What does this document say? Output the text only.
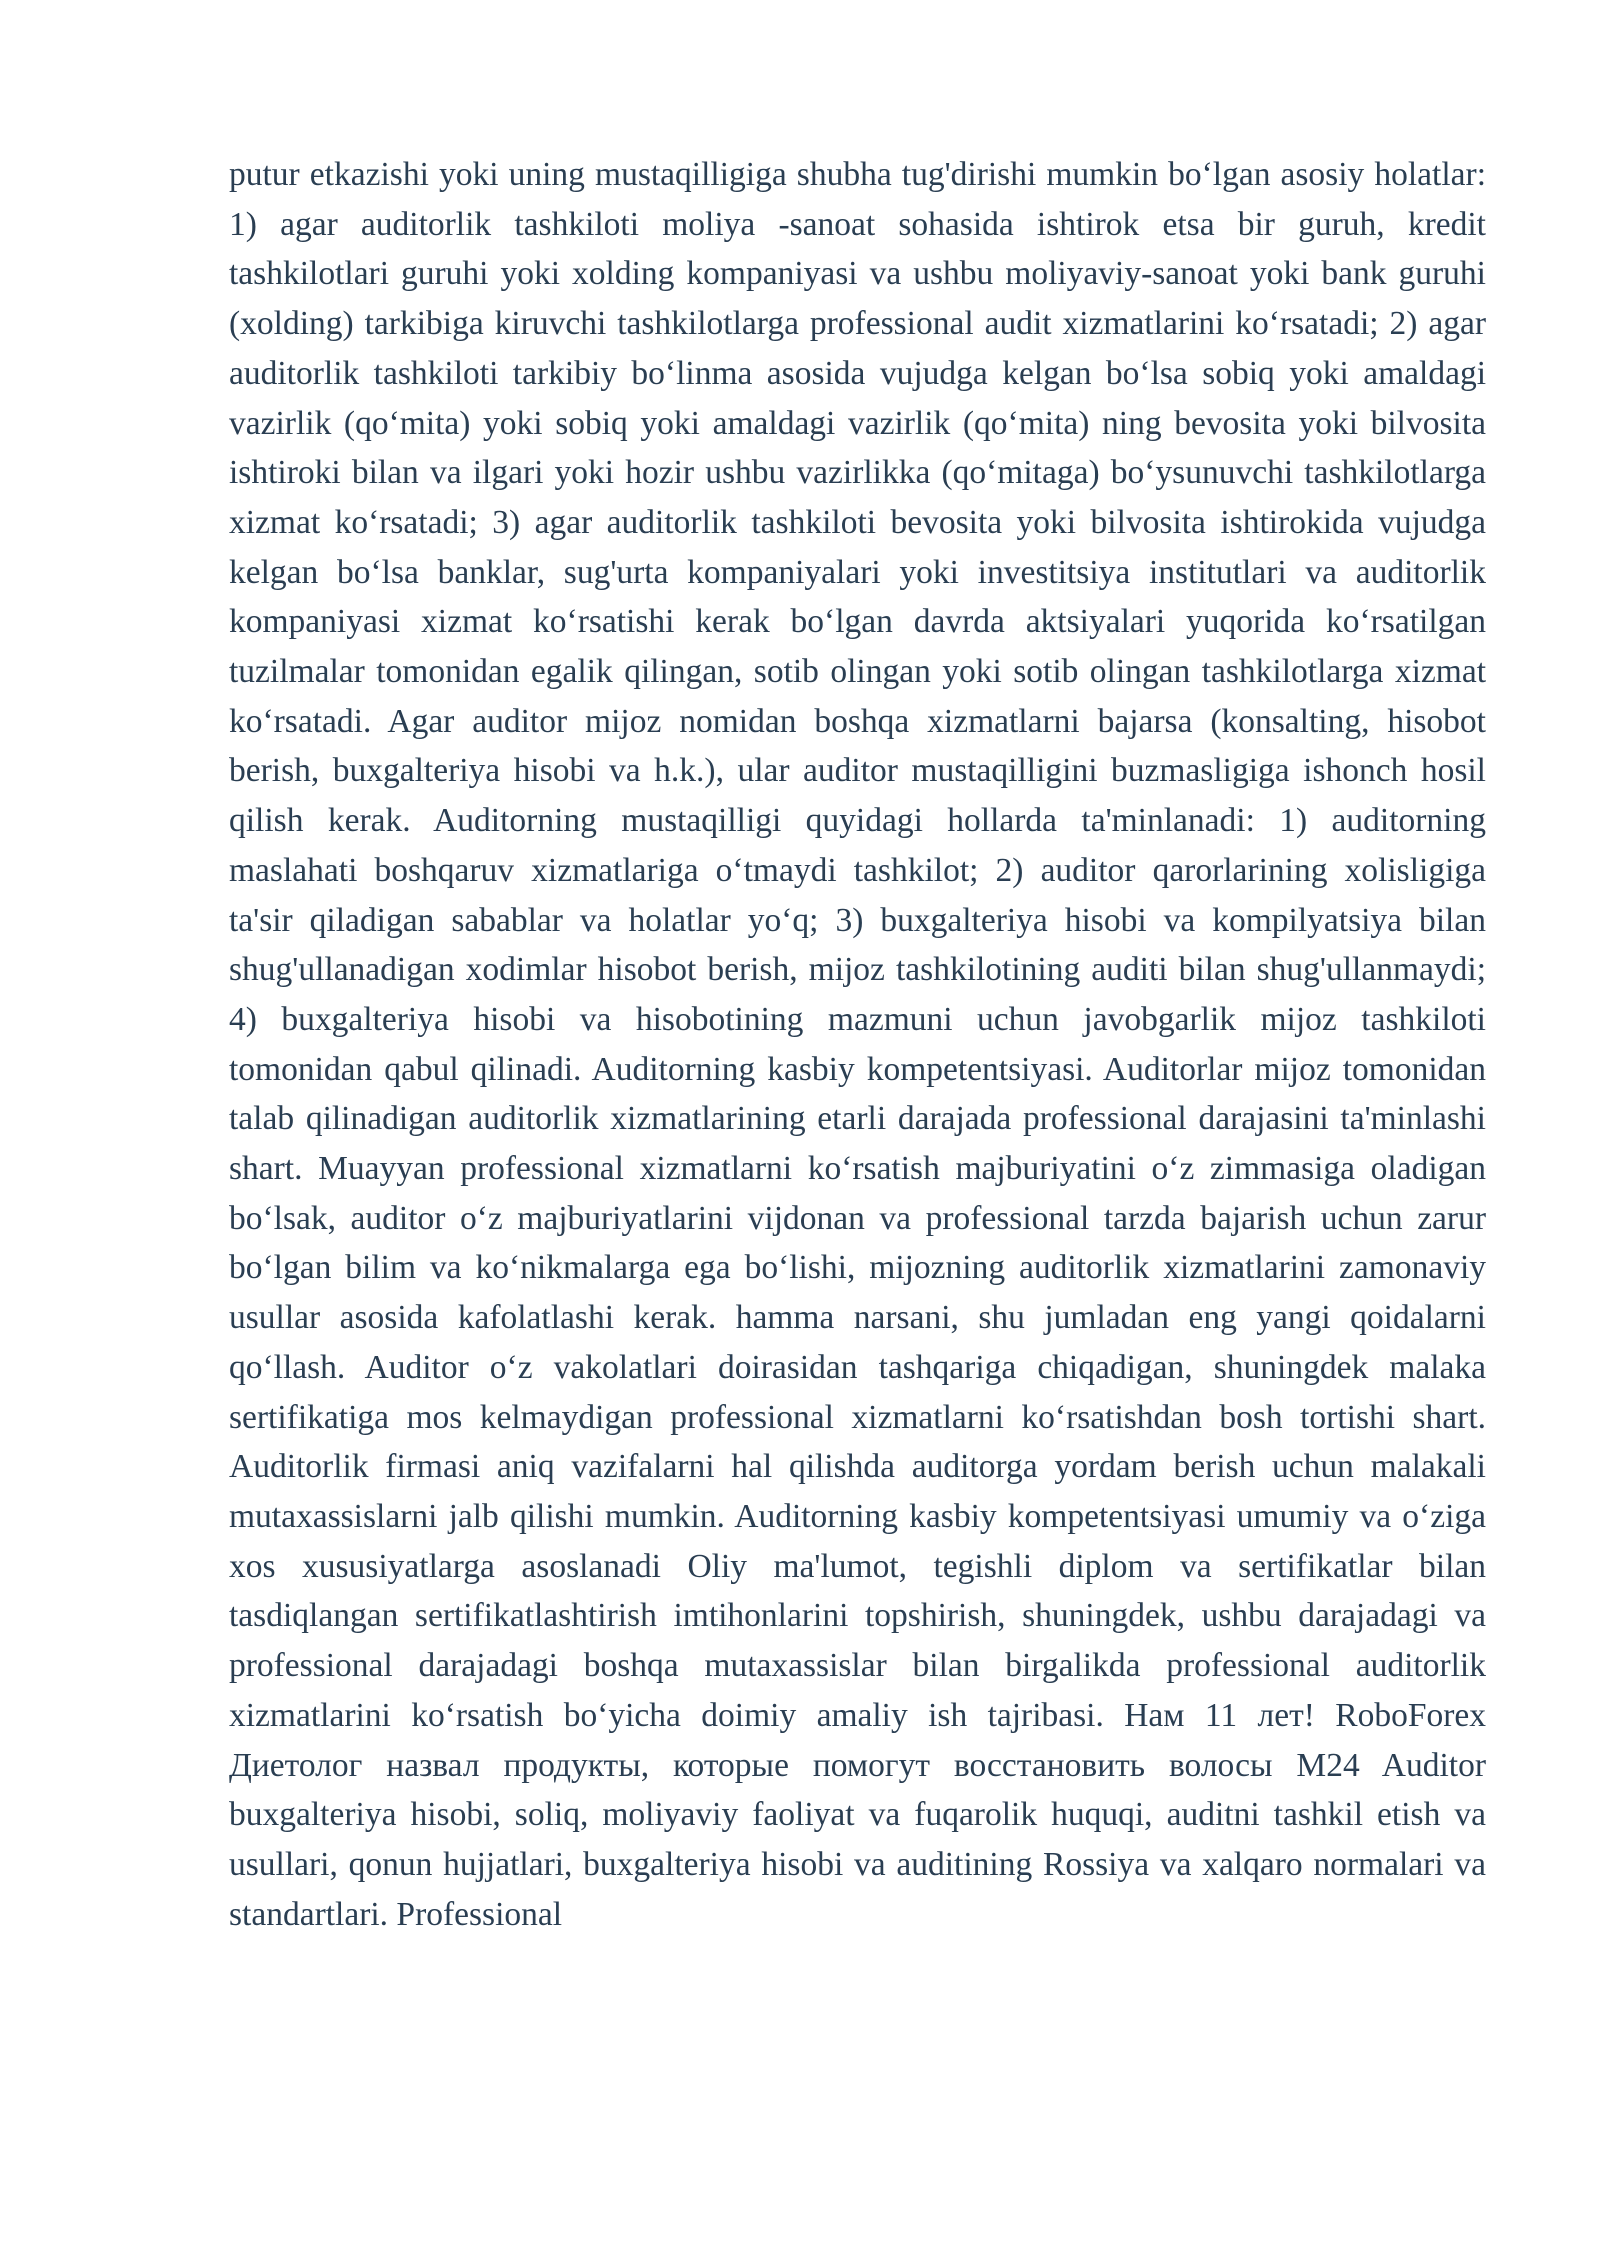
putur etkazishi yoki uning mustaqilligiga shubha tug'dirishi mumkin bo‘lgan asosiy holatlar: 1) agar auditorlik tashkiloti moliya -sanoat sohasida ishtirok etsa bir guruh, kredit tashkilotlari guruhi yoki xolding kompaniyasi va ushbu moliyaviy-sanoat yoki bank guruhi (xolding) tarkibiga kiruvchi tashkilotlarga professional audit xizmatlarini ko‘rsatadi; 2) agar auditorlik tashkiloti tarkibiy bo‘linma asosida vujudga kelgan bo‘lsa sobiq yoki amaldagi vazirlik (qo‘mita) yoki sobiq yoki amaldagi vazirlik (qo‘mita) ning bevosita yoki bilvosita ishtiroki bilan va ilgari yoki hozir ushbu vazirlikka (qo‘mitaga) bo‘ysunuvchi tashkilotlarga xizmat ko‘rsatadi; 3) agar auditorlik tashkiloti bevosita yoki bilvosita ishtirokida vujudga kelgan bo‘lsa banklar, sug'urta kompaniyalari yoki investitsiya institutlari va auditorlik kompaniyasi xizmat ko‘rsatishi kerak bo‘lgan davrda aktsiyalari yuqorida ko‘rsatilgan tuzilmalar tomonidan egalik qilingan, sotib olingan yoki sotib olingan tashkilotlarga xizmat ko‘rsatadi. Agar auditor mijoz nomidan boshqa xizmatlarni bajarsa (konsalting, hisobot berish, buxgalteriya hisobi va h.k.), ular auditor mustaqilligini buzmasligiga ishonch hosil qilish kerak. Auditorning mustaqilligi quyidagi hollarda ta'minlanadi: 1) auditorning maslahati boshqaruv xizmatlariga o‘tmaydi tashkilot; 2) auditor qarorlarining xolisligiga ta'sir qiladigan sabablar va holatlar yo‘q; 3) buxgalteriya hisobi va kompilyatsiya bilan shug'ullanadigan xodimlar hisobot berish, mijoz tashkilotining auditi bilan shug'ullanmaydi; 4) buxgalteriya hisobi va hisobotining mazmuni uchun javobgarlik mijoz tashkiloti tomonidan qabul qilinadi. Auditorning kasbiy kompetentsiyasi. Auditorlar mijoz tomonidan talab qilinadigan auditorlik xizmatlarining etarli darajada professional darajasini ta'minlashi shart. Muayyan professional xizmatlarni ko‘rsatish majburiyatini o‘z zimmasiga oladigan bo‘lsak, auditor o‘z majburiyatlarini vijdonan va professional tarzda bajarish uchun zarur bo‘lgan bilim va ko‘nikmalarga ega bo‘lishi, mijozning auditorlik xizmatlarini zamonaviy usullar asosida kafolatlashi kerak. hamma narsani, shu jumladan eng yangi qoidalarni qo‘llash. Auditor o‘z vakolatlari doirasidan tashqariga chiqadigan, shuningdek malaka sertifikatiga mos kelmaydigan professional xizmatlarni ko‘rsatishdan bosh tortishi shart. Auditorlik firmasi aniq vazifalarni hal qilishda auditorga yordam berish uchun malakali mutaxassislarni jalb qilishi mumkin. Auditorning kasbiy kompetentsiyasi umumiy va o‘ziga xos xususiyatlarga asoslanadi Oliy ma'lumot, tegishli diplom va sertifikatlar bilan tasdiqlangan sertifikatlashtirish imtihonlarini topshirish, shuningdek, ushbu darajadagi va professional darajadagi boshqa mutaxassislar bilan birgalikda professional auditorlik xizmatlarini ko‘rsatish bo‘yicha doimiy amaliy ish tajribasi. Нам 11 лет! RoboForex Диетолог назвал продукты, которые помогут восстановить волосы M24 Auditor buxgalteriya hisobi, soliq, moliyaviy faoliyat va fuqarolik huquqi, auditni tashkil etish va usullari, qonun hujjatlari, buxgalteriya hisobi va auditining Rossiya va xalqaro normalari va standartlari. Professional
